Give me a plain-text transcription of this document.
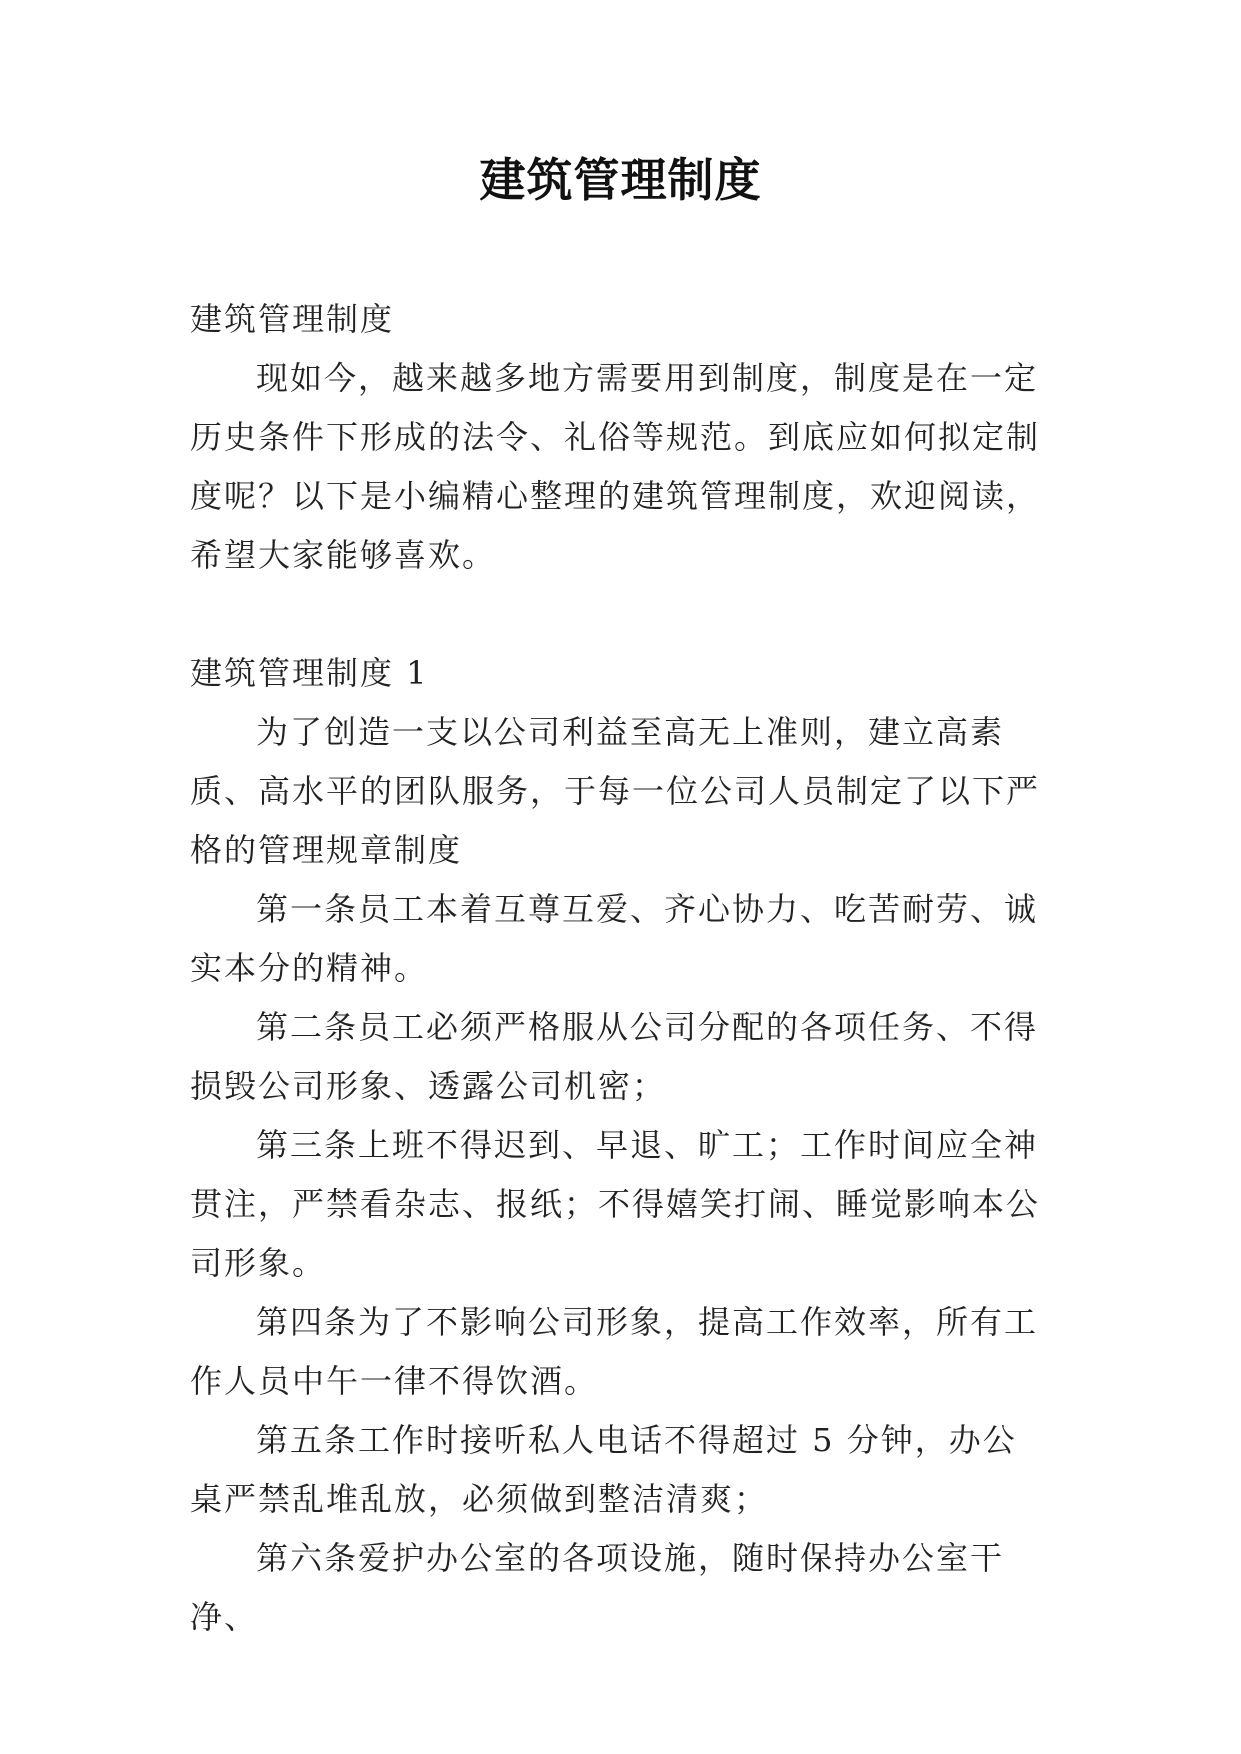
建筑管理制度

建筑管理制度

现如今，越来越多地方需要用到制度，制度是在一定历史条件下形成的法令、礼俗等规范。到底应如何拟定制度呢？以下是小编精心整理的建筑管理制度，欢迎阅读，希望大家能够喜欢。

建筑管理制度 1

为了创造一支以公司利益至高无上准则，建立高素质、高水平的团队服务，于每一位公司人员制定了以下严格的管理规章制度

第一条员工本着互尊互爱、齐心协力、吃苦耐劳、诚实本分的精神。

第二条员工必须严格服从公司分配的各项任务、不得损毁公司形象、透露公司机密；

第三条上班不得迟到、早退、旷工；工作时间应全神贯注，严禁看杂志、报纸；不得嬉笑打闹、睡觉影响本公司形象。

第四条为了不影响公司形象，提高工作效率，所有工作人员中午一律不得饮酒。

第五条工作时接听私人电话不得超过 5 分钟，办公桌严禁乱堆乱放，必须做到整洁清爽；

第六条爱护办公室的各项设施，随时保持办公室干净、
